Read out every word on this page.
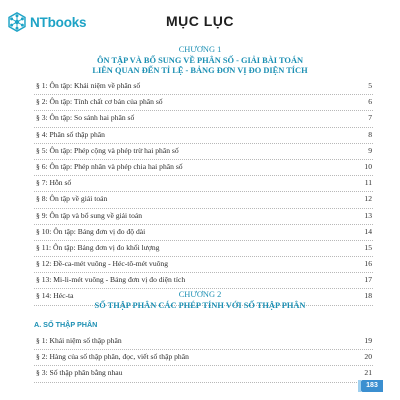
NTbooks	MỤC LỤC
CHƯƠNG 1
ÔN TẬP VÀ BỔ SUNG VỀ PHÂN SỐ - GIẢI BÀI TOÁN
LIÊN QUAN ĐẾN TỈ LỆ - BẢNG ĐƠN VỊ ĐO DIỆN TÍCH
§ 1: Ôn tập: Khái niệm về phân số	5
§ 2: Ôn tập: Tính chất cơ bản của phân số	6
§ 3: Ôn tập: So sánh hai phân số	7
§ 4: Phân số thập phân	8
§ 5: Ôn tập: Phép cộng và phép trừ hai phân số	9
§ 6: Ôn tập: Phép nhân và phép chia hai phân số	10
§ 7: Hỗn số	11
§ 8: Ôn tập về giải toán	12
§ 9: Ôn tập và bổ sung về giải toán	13
§ 10: Ôn tập: Bảng đơn vị đo độ dài	14
§ 11: Ôn tập: Bảng đơn vị đo khối lượng	15
§ 12: Đề-ca-mét vuông - Héc-tô-mét vuông	16
§ 13: Mi-li-mét vuông - Bảng đơn vị đo diện tích	17
§ 14: Héc-ta	18
CHƯƠNG 2
SỐ THẬP PHÂN CÁC PHÉP TÍNH VỚI SỐ THẬP PHÂN
A. SỐ THẬP PHÂN
§ 1: Khái niệm số thập phân	19
§ 2: Hàng của số thập phân, đọc, viết số thập phân	20
§ 3: Số thập phân bằng nhau	21
183
